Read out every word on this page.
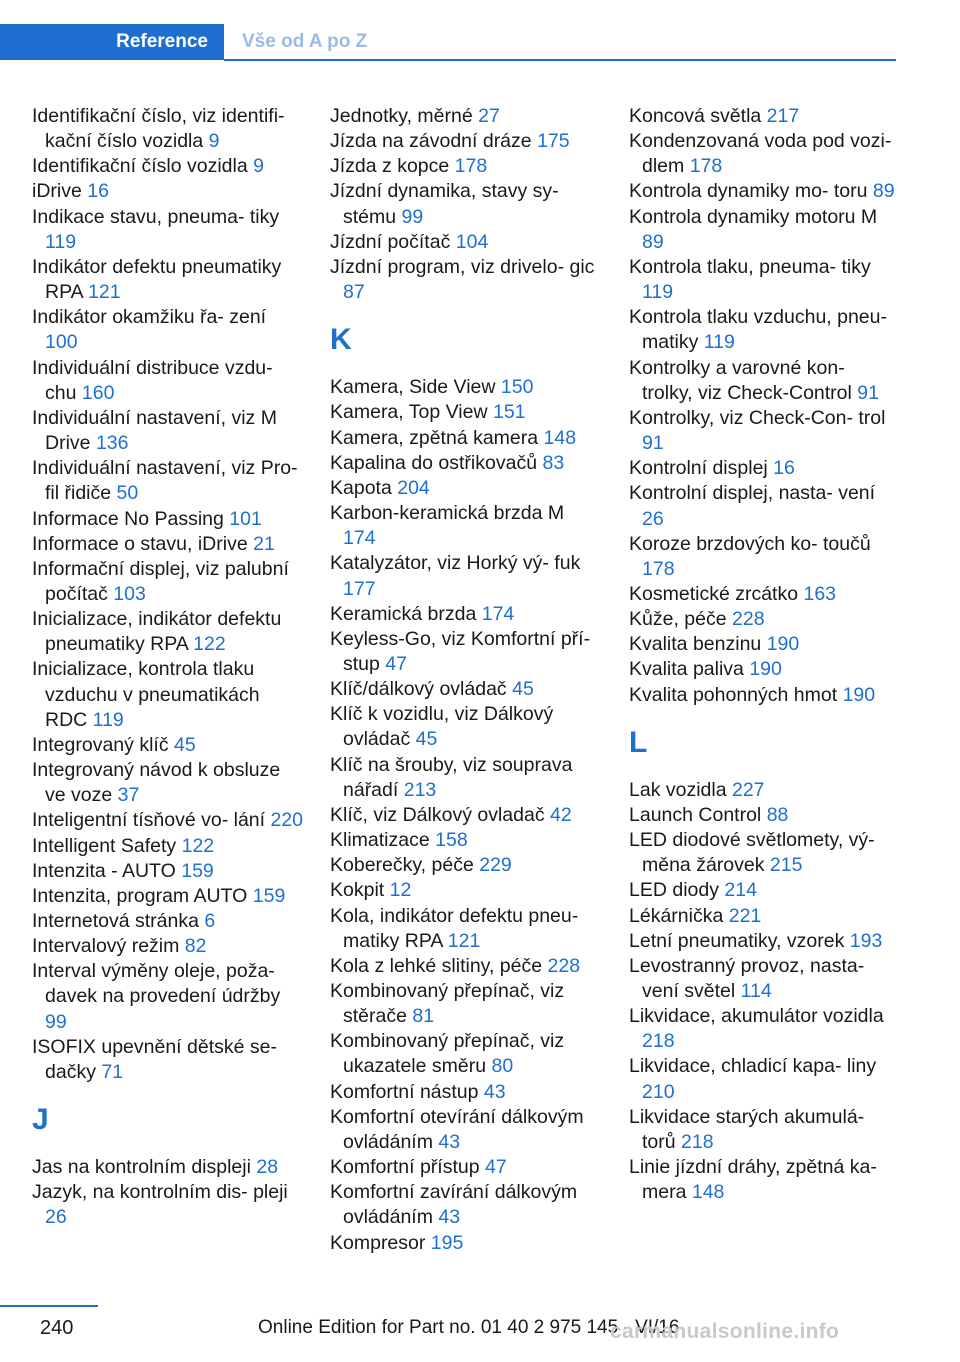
Reference Vše od A po Z
Identifikační číslo, viz identifi‐ kační číslo vozidla 9
Identifikační číslo vozidla 9
iDrive 16
Indikace stavu, pneuma‐ tiky 119
Indikátor defektu pneumatiky RPA 121
Indikátor okamžiku řa‐ zení 100
Individuální distribuce vzdu‐ chu 160
Individuální nastavení, viz M Drive 136
Individuální nastavení, viz Pro‐ fil řidiče 50
Informace No Passing 101
Informace o stavu, iDrive 21
Informační displej, viz palubní počítač 103
Inicializace, indikátor defektu pneumatiky RPA 122
Inicializace, kontrola tlaku vzduchu v pneumatikách RDC 119
Integrovaný klíč 45
Integrovaný návod k obsluze ve voze 37
Inteligentní tísňové vo‐ lání 220
Intelligent Safety 122
Intenzita - AUTO 159
Intenzita, program AUTO 159
Internetová stránka 6
Intervalový režim 82
Interval výměny oleje, poža‐ davek na provedení údržby 99
ISOFIX upevnění dětské se‐ dačky 71
J
Jas na kontrolním displeji 28
Jazyk, na kontrolním dis‐ pleji 26
Jednotky, měrné 27
Jízda na závodní dráze 175
Jízda z kopce 178
Jízdní dynamika, stavy sy‐ stému 99
Jízdní počítač 104
Jízdní program, viz drivelo‐ gic 87
K
Kamera, Side View 150
Kamera, Top View 151
Kamera, zpětná kamera 148
Kapalina do ostřikovačů 83
Kapota 204
Karbon-keramická brzda M 174
Katalyzátor, viz Horký vý‐ fuk 177
Keramická brzda 174
Keyless-Go, viz Komfortní pří‐ stup 47
Klíč/dálkový ovládač 45
Klíč k vozidlu, viz Dálkový ovládač 45
Klíč na šrouby, viz souprava nářadí 213
Klíč, viz Dálkový ovladač 42
Klimatizace 158
Koberečky, péče 229
Kokpit 12
Kola, indikátor defektu pneu‐ matiky RPA 121
Kola z lehké slitiny, péče 228
Kombinovaný přepínač, viz stěrače 81
Kombinovaný přepínač, viz ukazatele směru 80
Komfortní nástup 43
Komfortní otevírání dálkovým ovládáním 43
Komfortní přístup 47
Komfortní zavírání dálkovým ovládáním 43
Kompresor 195
Koncová světla 217
Kondenzovaná voda pod vozi‐ dlem 178
Kontrola dynamiky mo‐ toru 89
Kontrola dynamiky motoru M 89
Kontrola tlaku, pneuma‐ tiky 119
Kontrola tlaku vzduchu, pneu‐ matiky 119
Kontrolky a varovné kon‐ trolky, viz Check-Control 91
Kontrolky, viz Check-Con‐ trol 91
Kontrolní displej 16
Kontrolní displej, nasta‐ vení 26
Koroze brzdových ko‐ toučů 178
Kosmetické zrcátko 163
Kůže, péče 228
Kvalita benzinu 190
Kvalita paliva 190
Kvalita pohonných hmot 190
L
Lak vozidla 227
Launch Control 88
LED diodové světlomety, vý‐ měna žárovek 215
LED diody 214
Lékárnička 221
Letní pneumatiky, vzorek 193
Levostranný provoz, nasta‐ vení světel 114
Likvidace, akumulátor vozidla 218
Likvidace, chladicí kapa‐ liny 210
Likvidace starých akumulá‐ torů 218
Linie jízdní dráhy, zpětná ka‐ mera 148
240	Online Edition for Part no. 01 40 2 975 145 - VI/16
carmanualsonline.info
